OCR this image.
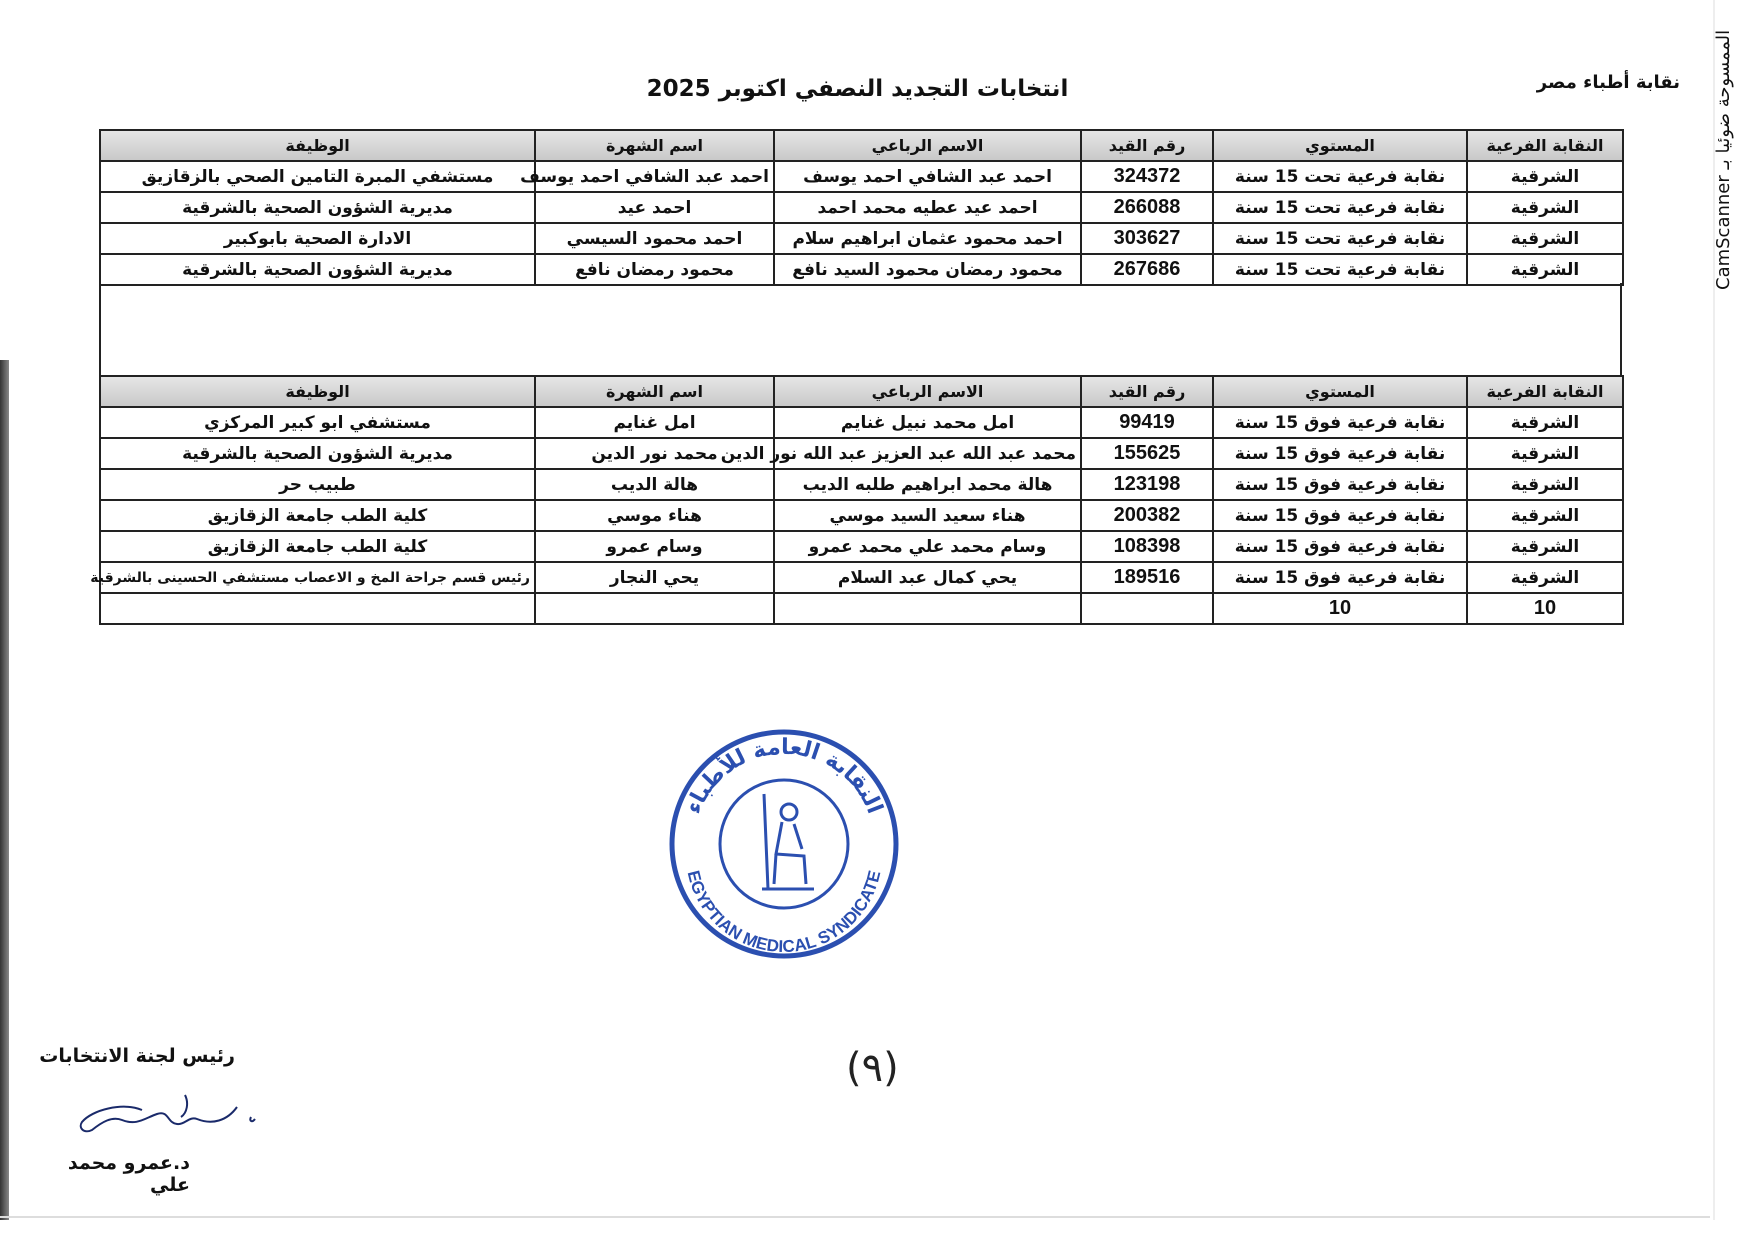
نقابة أطباء مصر
انتخابات التجديد النصفي اكتوبر 2025
الممسوحة ضوئيا بـ CamScanner
النقابة الفرعية	المستوي	رقم القيد	الاسم الرباعي	اسم الشهرة	الوظيفة
الشرقية	نقابة فرعية تحت 15 سنة	324372	احمد عبد الشافي احمد يوسف	احمد عبد الشافي احمد يوسف	مستشفي المبرة التامين الصحي بالزقازيق
الشرقية	نقابة فرعية تحت 15 سنة	266088	احمد عيد عطيه محمد احمد	احمد عيد	مديرية الشؤون الصحية بالشرقية
الشرقية	نقابة فرعية تحت 15 سنة	303627	احمد محمود عثمان ابراهيم سلام	احمد محمود السيسي	الادارة الصحية بابوكبير
الشرقية	نقابة فرعية تحت 15 سنة	267686	محمود رمضان محمود السيد نافع	محمود رمضان نافع	مديرية الشؤون الصحية بالشرقية
النقابة الفرعية	المستوي	رقم القيد	الاسم الرباعي	اسم الشهرة	الوظيفة
الشرقية	نقابة فرعية فوق 15 سنة	99419	امل محمد نبيل غنايم	امل غنايم	مستشفي ابو كبير المركزي
الشرقية	نقابة فرعية فوق 15 سنة	155625	محمد عبد الله عبد العزيز عبد الله نور الدين	محمد نور الدين	مديرية الشؤون الصحية بالشرقية
الشرقية	نقابة فرعية فوق 15 سنة	123198	هالة محمد ابراهيم طلبه الديب	هالة الديب	طبيب حر
الشرقية	نقابة فرعية فوق 15 سنة	200382	هناء سعيد السيد موسي	هناء موسي	كلية الطب جامعة الزقازيق
الشرقية	نقابة فرعية فوق 15 سنة	108398	وسام محمد علي محمد عمرو	وسام عمرو	كلية الطب جامعة الزقازيق
الشرقية	نقابة فرعية فوق 15 سنة	189516	يحي كمال عبد السلام	يحي النجار	رئيس قسم جراحة المخ و الاعصاب مستشفي الحسينى بالشرقية
10	10				
النقابة العامة للأطباء
EGYPTIAN MEDICAL SYNDICATE
(٩)
رئيس لجنة الانتخابات
د.عمرو محمد علي
